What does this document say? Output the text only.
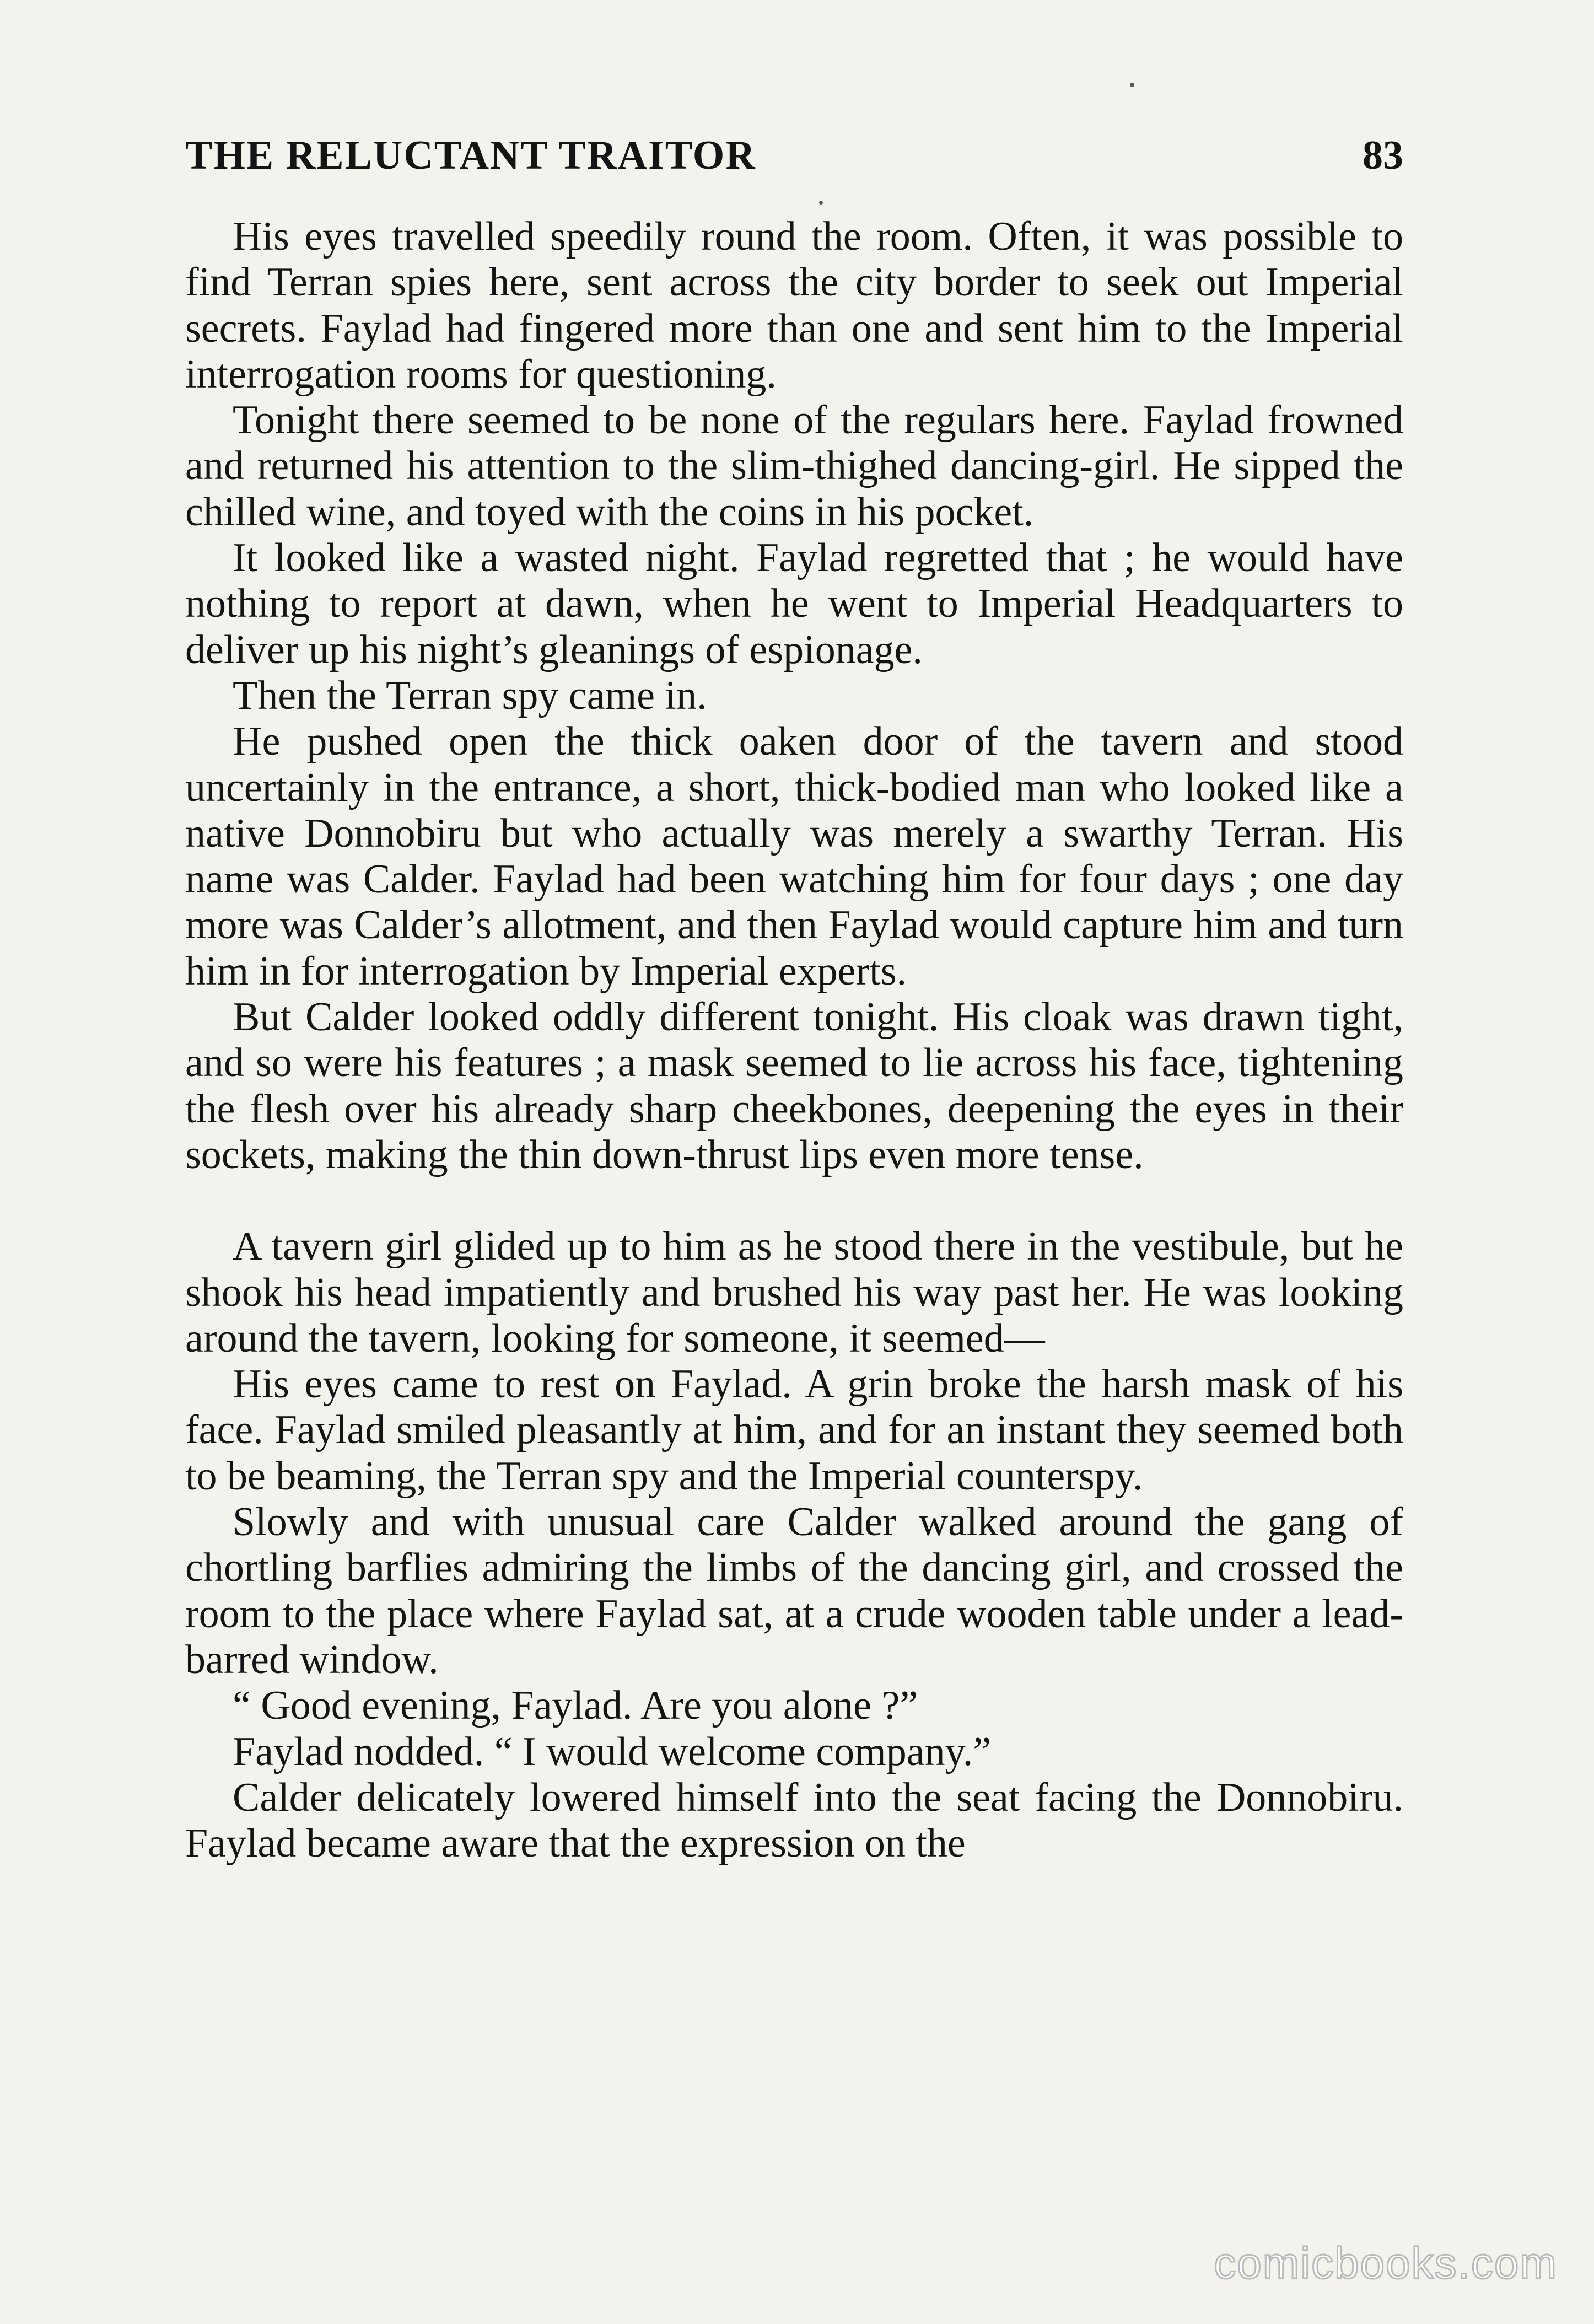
THE RELUCTANT TRAITOR	83

His eyes travelled speedily round the room. Often, it was possible to find Terran spies here, sent across the city border to seek out Imperial secrets. Faylad had fingered more than one and sent him to the Imperial interrogation rooms for questioning.

Tonight there seemed to be none of the regulars here. Faylad frowned and returned his attention to the slim-thighed dancing-girl. He sipped the chilled wine, and toyed with the coins in his pocket.

It looked like a wasted night. Faylad regretted that ; he would have nothing to report at dawn, when he went to Imperial Headquarters to deliver up his night’s gleanings of espionage.

Then the Terran spy came in.

He pushed open the thick oaken door of the tavern and stood uncertainly in the entrance, a short, thick-bodied man who looked like a native Donnobiru but who actually was merely a swarthy Terran. His name was Calder. Faylad had been watching him for four days ; one day more was Calder’s allotment, and then Faylad would capture him and turn him in for interrogation by Imperial experts.

But Calder looked oddly different tonight. His cloak was drawn tight, and so were his features ; a mask seemed to lie across his face, tightening the flesh over his already sharp cheekbones, deepening the eyes in their sockets, making the thin down-thrust lips even more tense.

A tavern girl glided up to him as he stood there in the vestibule, but he shook his head impatiently and brushed his way past her. He was looking around the tavern, looking for someone, it seemed—

His eyes came to rest on Faylad. A grin broke the harsh mask of his face. Faylad smiled pleasantly at him, and for an instant they seemed both to be beaming, the Terran spy and the Imperial counterspy.

Slowly and with unusual care Calder walked around the gang of chortling barflies admiring the limbs of the dancing girl, and crossed the room to the place where Faylad sat, at a crude wooden table under a lead-barred window.

“ Good evening, Faylad. Are you alone ?”

Faylad nodded. “ I would welcome company.”

Calder delicately lowered himself into the seat facing the Donnobiru. Faylad became aware that the expression on the

comicbooks.com
